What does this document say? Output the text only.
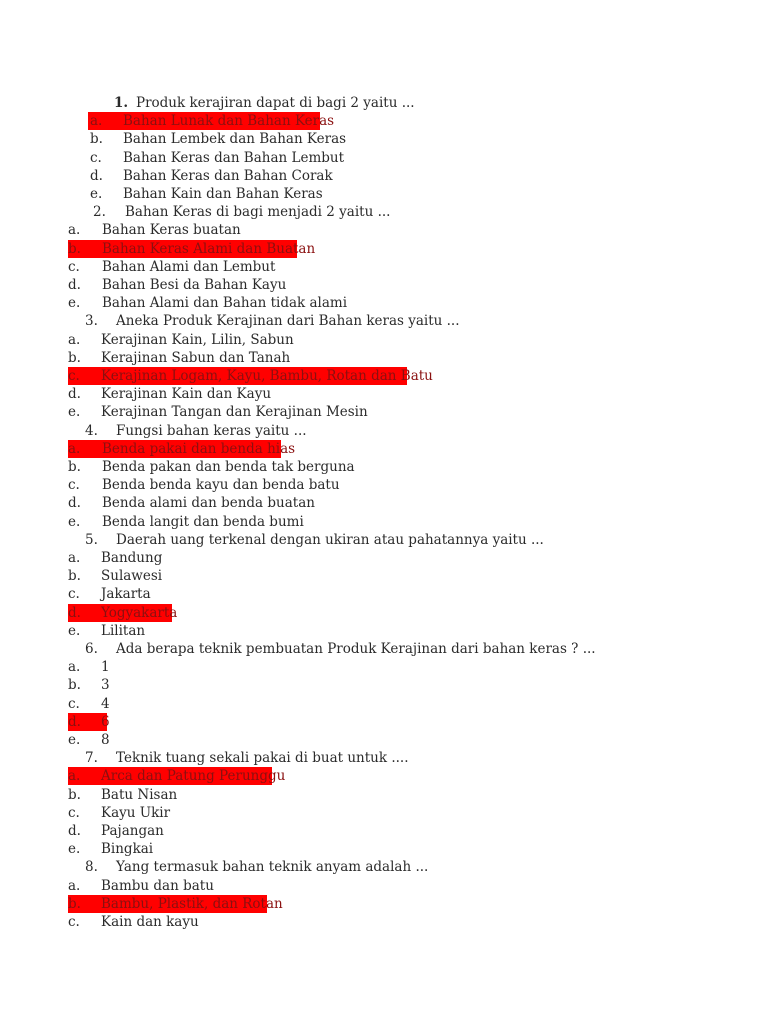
1. Produk kerajiran dapat di bagi 2 yaitu ...
a. Bahan Lunak dan Bahan Keras
b. Bahan Lembek dan Bahan Keras
c. Bahan Keras dan Bahan Lembut
d. Bahan Keras dan Bahan Corak
e. Bahan Kain dan Bahan Keras
2. Bahan Keras di bagi menjadi 2 yaitu ...
a. Bahan Keras buatan
b. Bahan Keras Alami dan Buatan
c. Bahan Alami dan Lembut
d. Bahan Besi da Bahan Kayu
e. Bahan Alami dan Bahan tidak alami
3. Aneka Produk Kerajinan dari Bahan keras yaitu ...
a. Kerajinan Kain, Lilin, Sabun
b. Kerajinan Sabun dan Tanah
c. Kerajinan Logam, Kayu, Bambu, Rotan dan Batu
d. Kerajinan Kain dan Kayu
e. Kerajinan Tangan dan Kerajinan Mesin
4. Fungsi bahan keras yaitu ...
a. Benda pakai dan benda hias
b. Benda pakan dan benda tak berguna
c. Benda benda kayu dan benda batu
d. Benda alami dan benda buatan
e. Benda langit dan benda bumi
5. Daerah uang terkenal dengan ukiran atau pahatannya yaitu ...
a. Bandung
b. Sulawesi
c. Jakarta
d. Yogyakarta
e. Lilitan
6. Ada berapa teknik pembuatan Produk Kerajinan dari bahan keras ? ...
a. 1
b. 3
c. 4
d. 6
e. 8
7. Teknik tuang sekali pakai di buat untuk ....
a. Arca dan Patung Perunggu
b. Batu Nisan
c. Kayu Ukir
d. Pajangan
e. Bingkai
8. Yang termasuk bahan teknik anyam adalah ...
a. Bambu dan batu
b. Bambu, Plastik, dan Rotan
c. Kain dan kayu
